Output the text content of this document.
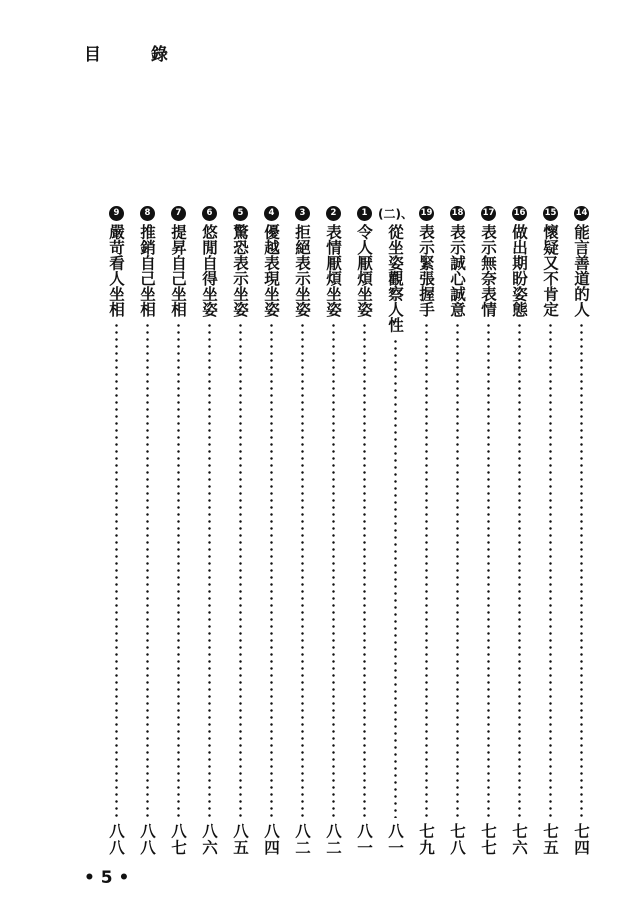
目 錄
14
能言善道的人
七四
15
懷疑又不肯定
七五
16
做出期盼姿態
七六
17
表示無奈表情
七七
18
表示誠心誠意
七八
19
表示緊張握手
七九
(二)、
從坐姿觀察人性
八一
1
令人厭煩坐姿
八一
2
表情厭煩坐姿
八二
3
拒絕表示坐姿
八二
4
優越表現坐姿
八四
5
驚恐表示坐姿
八五
6
悠閒自得坐姿
八六
7
提昇自己坐相
八七
8
推銷自己坐相
八八
9
嚴苛看人坐相
八八
• 5 •
